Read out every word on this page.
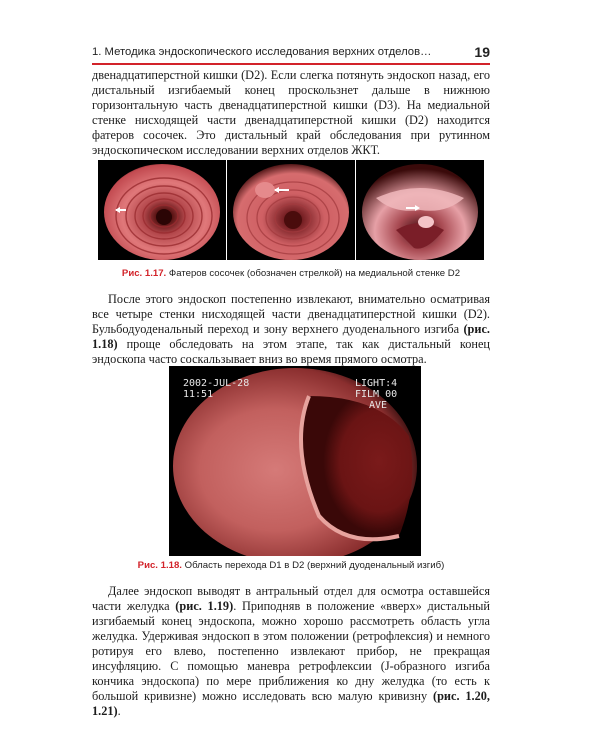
1. Методика эндоскопического исследования верхних отделов…	19

двенадцатиперстной кишки (D2). Если слегка потянуть эндоскоп назад, его дистальный изгибаемый конец проскользнет дальше в нижнюю горизонтальную часть двенадцатиперстной кишки (D3). На медиальной стенке нисходящей части двенадцатиперстной кишки (D2) находится фатеров сосочек. Это дистальный край обследования при рутинном эндоскопическом исследовании верхних отделов ЖКТ.

Рис. 1.17. Фатеров сосочек (обозначен стрелкой) на медиальной стенке D2

После этого эндоскоп постепенно извлекают, внимательно осматривая все четыре стенки нисходящей части двенадцатиперстной кишки (D2). Бульбодуоденальный переход и зону верхнего дуоденального изгиба (рис. 1.18) проще обследовать на этом этапе, так как дистальный конец эндоскопа часто соскальзывает вниз во время прямого осмотра.

2002-JUL-28
11:51
LIGHT:4
FILM 00
AVE

Рис. 1.18. Область перехода D1 в D2 (верхний дуоденальный изгиб)

Далее эндоскоп выводят в антральный отдел для осмотра оставшейся части желудка (рис. 1.19). Приподняв в положение «вверх» дистальный изгибаемый конец эндоскопа, можно хорошо рассмотреть область угла желудка. Удерживая эндоскоп в этом положении (ретрофлексия) и немного ротируя его влево, постепенно извлекают прибор, не прекращая инсуфляцию. С помощью маневра ретрофлексии (J-образного изгиба кончика эндоскопа) по мере приближения ко дну желудка (то есть к большой кривизне) можно исследовать всю малую кривизну (рис. 1.20, 1.21).
